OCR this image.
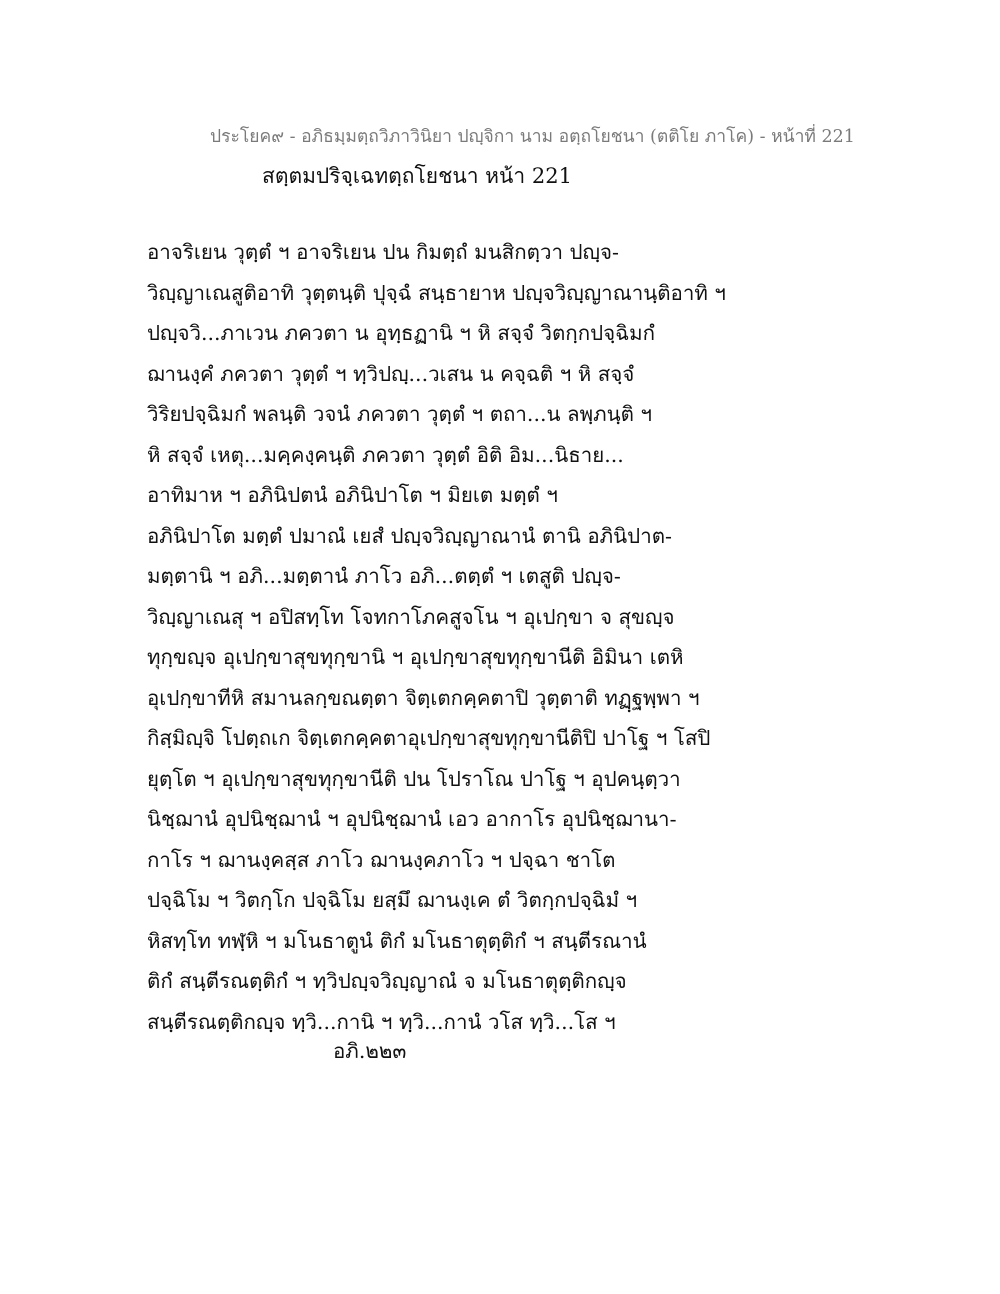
ประโยค๙ - อภิธมฺมตฺถวิภาวินิยา ปญฺจิกา นาม อตฺถโยชนา (ตติโย ภาโค) - หน้าที่ 221
สตฺตมปริจฺเฉทตฺถโยชนา หน้า 221
อาจริเยน วุตฺตํ ฯ อาจริเยน ปน กิมตฺถํ มนสิกตฺวา ปญฺจ-
วิญฺญาเณสูติอาทิ วุตฺตนฺติ ปุจฺฉํ สนฺธายาห ปญฺจวิญฺญาณานฺติอาทิ ฯ
ปญฺจวิ...ภาเวน ภควตา น อุทฺธฏานิ ฯ หิ สจฺจํ วิตกฺกปจฺฉิมกํ
ฌานงฺคํ ภควตา วุตฺตํ ฯ ทฺวิปญฺ...วเสน น คจฺฉติ ฯ หิ สจฺจํ
วิริยปจฺฉิมกํ พลนฺติ วจนํ ภควตา วุตฺตํ ฯ ตถา...น ลพฺภนฺติ ฯ
หิ สจฺจํ เหตุ...มคฺคงฺคนฺติ ภควตา วุตฺตํ อิติ อิม...นิธาย...
อาทิมาห ฯ อภินิปตนํ อภินิปาโต ฯ มิยเต มตฺตํ ฯ
อภินิปาโต มตฺตํ ปมาณํ เยสํ ปญฺจวิญฺญาณานํ ตานิ อภินิปาต-
มตฺตานิ ฯ อภิ...มตฺตานํ ภาโว อภิ...ตตฺตํ ฯ เตสูติ ปญฺจ-
วิญฺญาเณสุ ฯ อปิสทฺโท โจทกาโภคสูจโน ฯ อุเปกฺขา จ สุขญฺจ
ทุกฺขญฺจ อุเปกฺขาสุขทุกฺขานิ ฯ อุเปกฺขาสุขทุกฺขานีติ อิมินา เตหิ
อุเปกฺขาทีหิ สมานลกฺขณตฺตา จิตฺเตกคฺคตาปิ วุตฺตาติ ทฏฺฐพฺพา ฯ
กิสฺมิญฺจิ โปตฺถเก จิตฺเตกคฺคตาอุเปกฺขาสุขทุกฺขานีติปิ ปาโฐ ฯ โสปิ
ยุตฺโต ฯ อุเปกฺขาสุขทุกฺขานีติ ปน โปราโณ ปาโฐ ฯ อุปคนฺตฺวา
นิชฺฌานํ อุปนิชฺฌานํ ฯ อุปนิชฺฌานํ เอว อากาโร อุปนิชฺฌานา-
กาโร ฯ ฌานงฺคสฺส ภาโว ฌานงฺคภาโว ฯ ปจฺฉา ชาโต
ปจฺฉิโม ฯ วิตกฺโก ปจฺฉิโม ยสฺมึ ฌานงฺเค ตํ วิตกฺกปจฺฉิมํ ฯ
หิสทฺโท ทฬฺหิ ฯ มโนธาตูนํ ติกํ มโนธาตุตฺติกํ ฯ สนฺตีรณานํ
ติกํ สนฺตีรณตฺติกํ ฯ ทฺวิปญฺจวิญฺญาณํ จ มโนธาตุตฺติกญฺจ
สนฺตีรณตฺติกญฺจ ทฺวิ...กานิ ฯ ทฺวิ...กานํ วโส ทฺวิ...โส ฯ
อภิ.๒๒๓
